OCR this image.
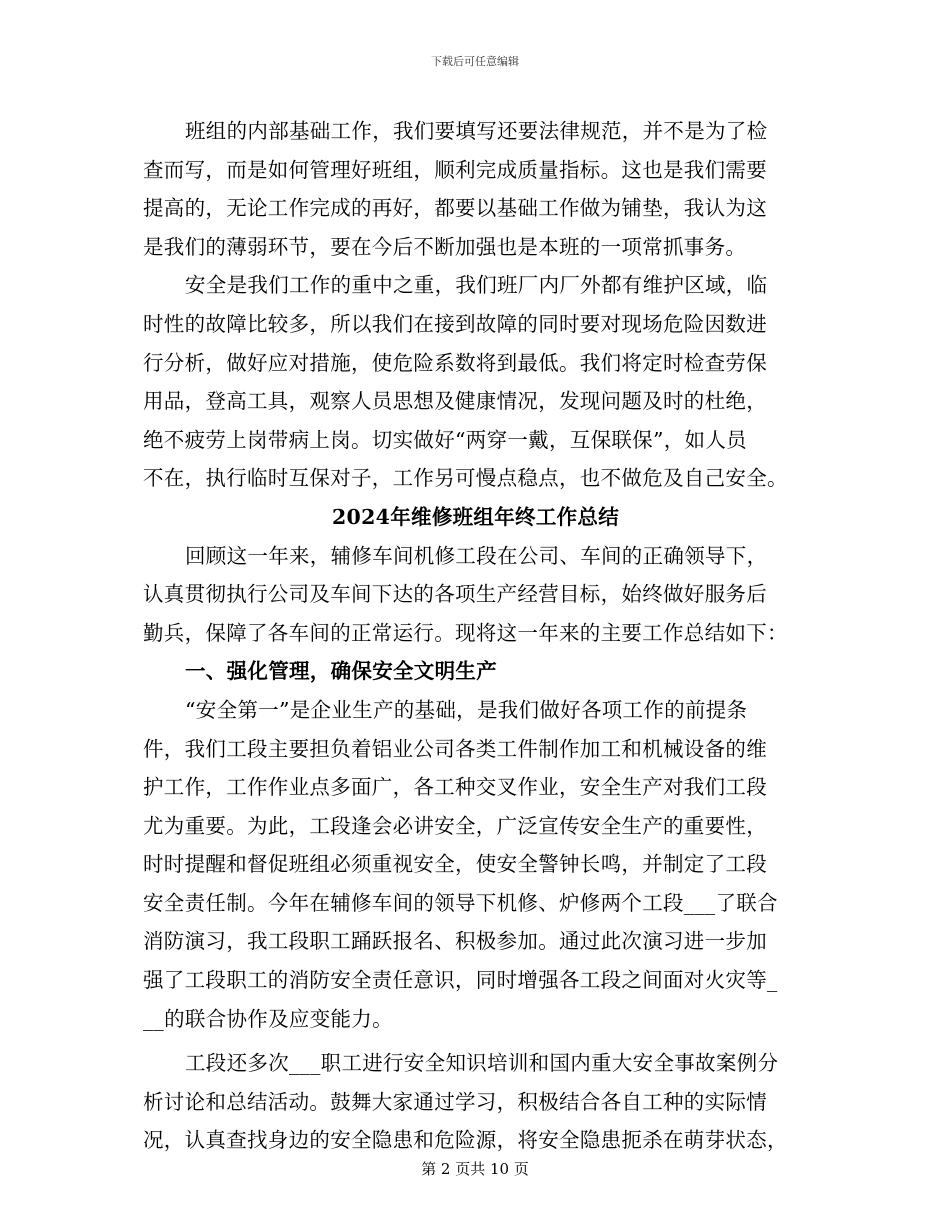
下载后可任意编辑
班组的内部基础工作，我们要填写还要法律规范，并不是为了检
查而写，而是如何管理好班组，顺利完成质量指标。这也是我们需要
提高的，无论工作完成的再好，都要以基础工作做为铺垫，我认为这
是我们的薄弱环节，要在今后不断加强也是本班的一项常抓事务。
安全是我们工作的重中之重，我们班厂内厂外都有维护区域，临
时性的故障比较多，所以我们在接到故障的同时要对现场危险因数进
行分析，做好应对措施，使危险系数将到最低。我们将定时检查劳保
用品，登高工具，观察人员思想及健康情况，发现问题及时的杜绝，
绝不疲劳上岗带病上岗。切实做好“两穿一戴，互保联保”，如人员
不在，执行临时互保对子，工作另可慢点稳点，也不做危及自己安全。
2024年维修班组年终工作总结
回顾这一年来，辅修车间机修工段在公司、车间的正确领导下，
认真贯彻执行公司及车间下达的各项生产经营目标，始终做好服务后
勤兵，保障了各车间的正常运行。现将这一年来的主要工作总结如下：
一、强化管理，确保安全文明生产
“安全第一”是企业生产的基础，是我们做好各项工作的前提条
件，我们工段主要担负着铝业公司各类工件制作加工和机械设备的维
护工作，工作作业点多面广，各工种交叉作业，安全生产对我们工段
尤为重要。为此，工段逢会必讲安全，广泛宣传安全生产的重要性，
时时提醒和督促班组必须重视安全，使安全警钟长鸣，并制定了工段
安全责任制。今年在辅修车间的领导下机修、炉修两个工段___了联合
消防演习，我工段职工踊跃报名、积极参加。通过此次演习进一步加
强了工段职工的消防安全责任意识，同时增强各工段之间面对火灾等_
__的联合协作及应变能力。
工段还多次___职工进行安全知识培训和国内重大安全事故案例分
析讨论和总结活动。鼓舞大家通过学习，积极结合各自工种的实际情
况，认真查找身边的安全隐患和危险源，将安全隐患扼杀在萌芽状态，
第 2 页共 10 页
